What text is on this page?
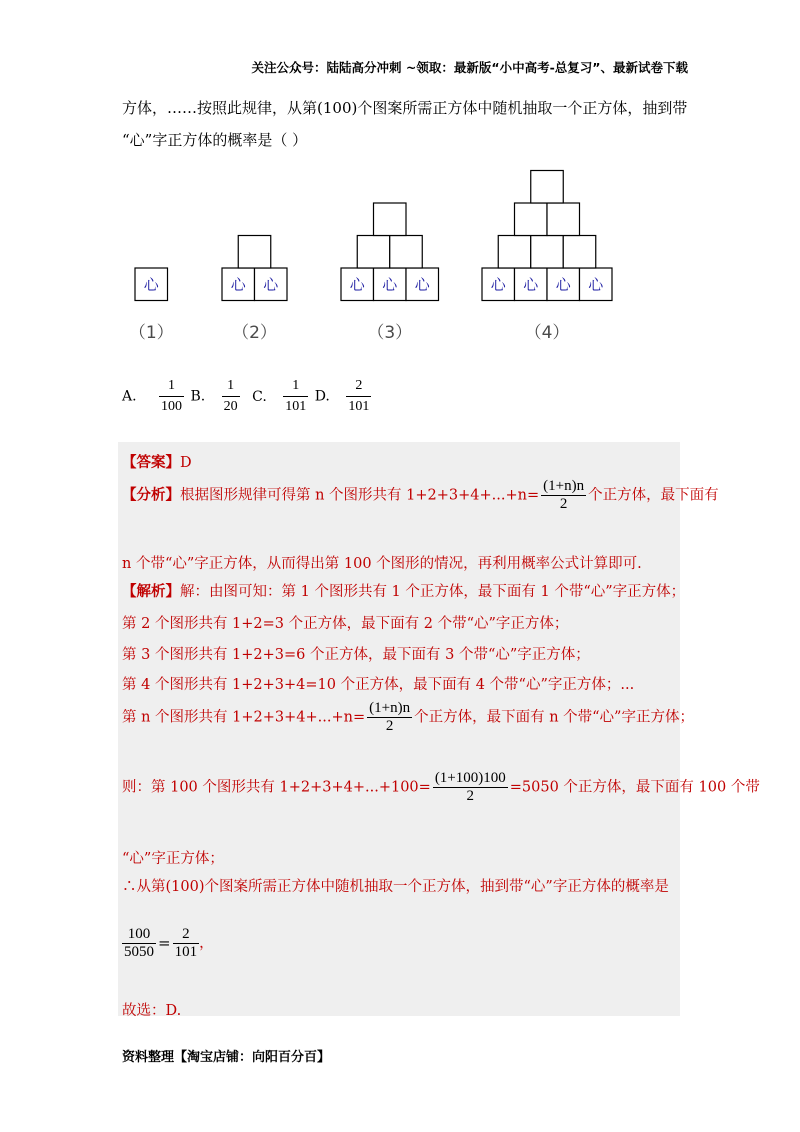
关注公众号：陆陆高分冲刺 ~领取：最新版“小中高考-总复习”、最新试卷下载
方体，……按照此规律，从第(100)个图案所需正方体中随机抽取一个正方体，抽到带
“心”字正方体的概率是（ ）
心
（1）
心 心
（2）
心 心 心
（3）
心 心 心 心
（4）
A. $\frac{1}{100} B$. $\frac{1}{20} C$. $\frac{1}{101} D$. $\frac{2}{101}$
【答案】D
【分析】根据图形规律可得第 n 个图形共有 $1+2+3+4+...+n= \frac{(1+n)n}{2}$ 个正方体，最下面有
n 个带“心”字正方体，从而得出第 100 个图形的情况，再利用概率公式计算即可.
【解析】解：由图可知：第 1 个图形共有 1 个正方体，最下面有 1 个带“心”字正方体；
第 2 个图形共有 1+2=3 个正方体，最下面有 2 个带“心”字正方体；
第 3 个图形共有 1+2+3=6 个正方体，最下面有 3 个带“心”字正方体；
第 4 个图形共有 1+2+3+4=10 个正方体，最下面有 4 个带“心”字正方体；...
第 n 个图形共有 $1+2+3+4+...+n= \frac{(1+n)n}{2}$ 个正方体，最下面有 n 个带“心”字正方体；
则：第 100 个图形共有 $1+2+3+4+...+100= \frac{(1+100)100}{2} =5050$ 个正方体，最下面有 100 个带
“心”字正方体；
∴从第(100)个图案所需正方体中随机抽取一个正方体，抽到带“心”字正方体的概率是
$\frac{100}{5050} = \frac{2}{101}$ ，
故选：D.
资料整理【淘宝店铺：向阳百分百】
